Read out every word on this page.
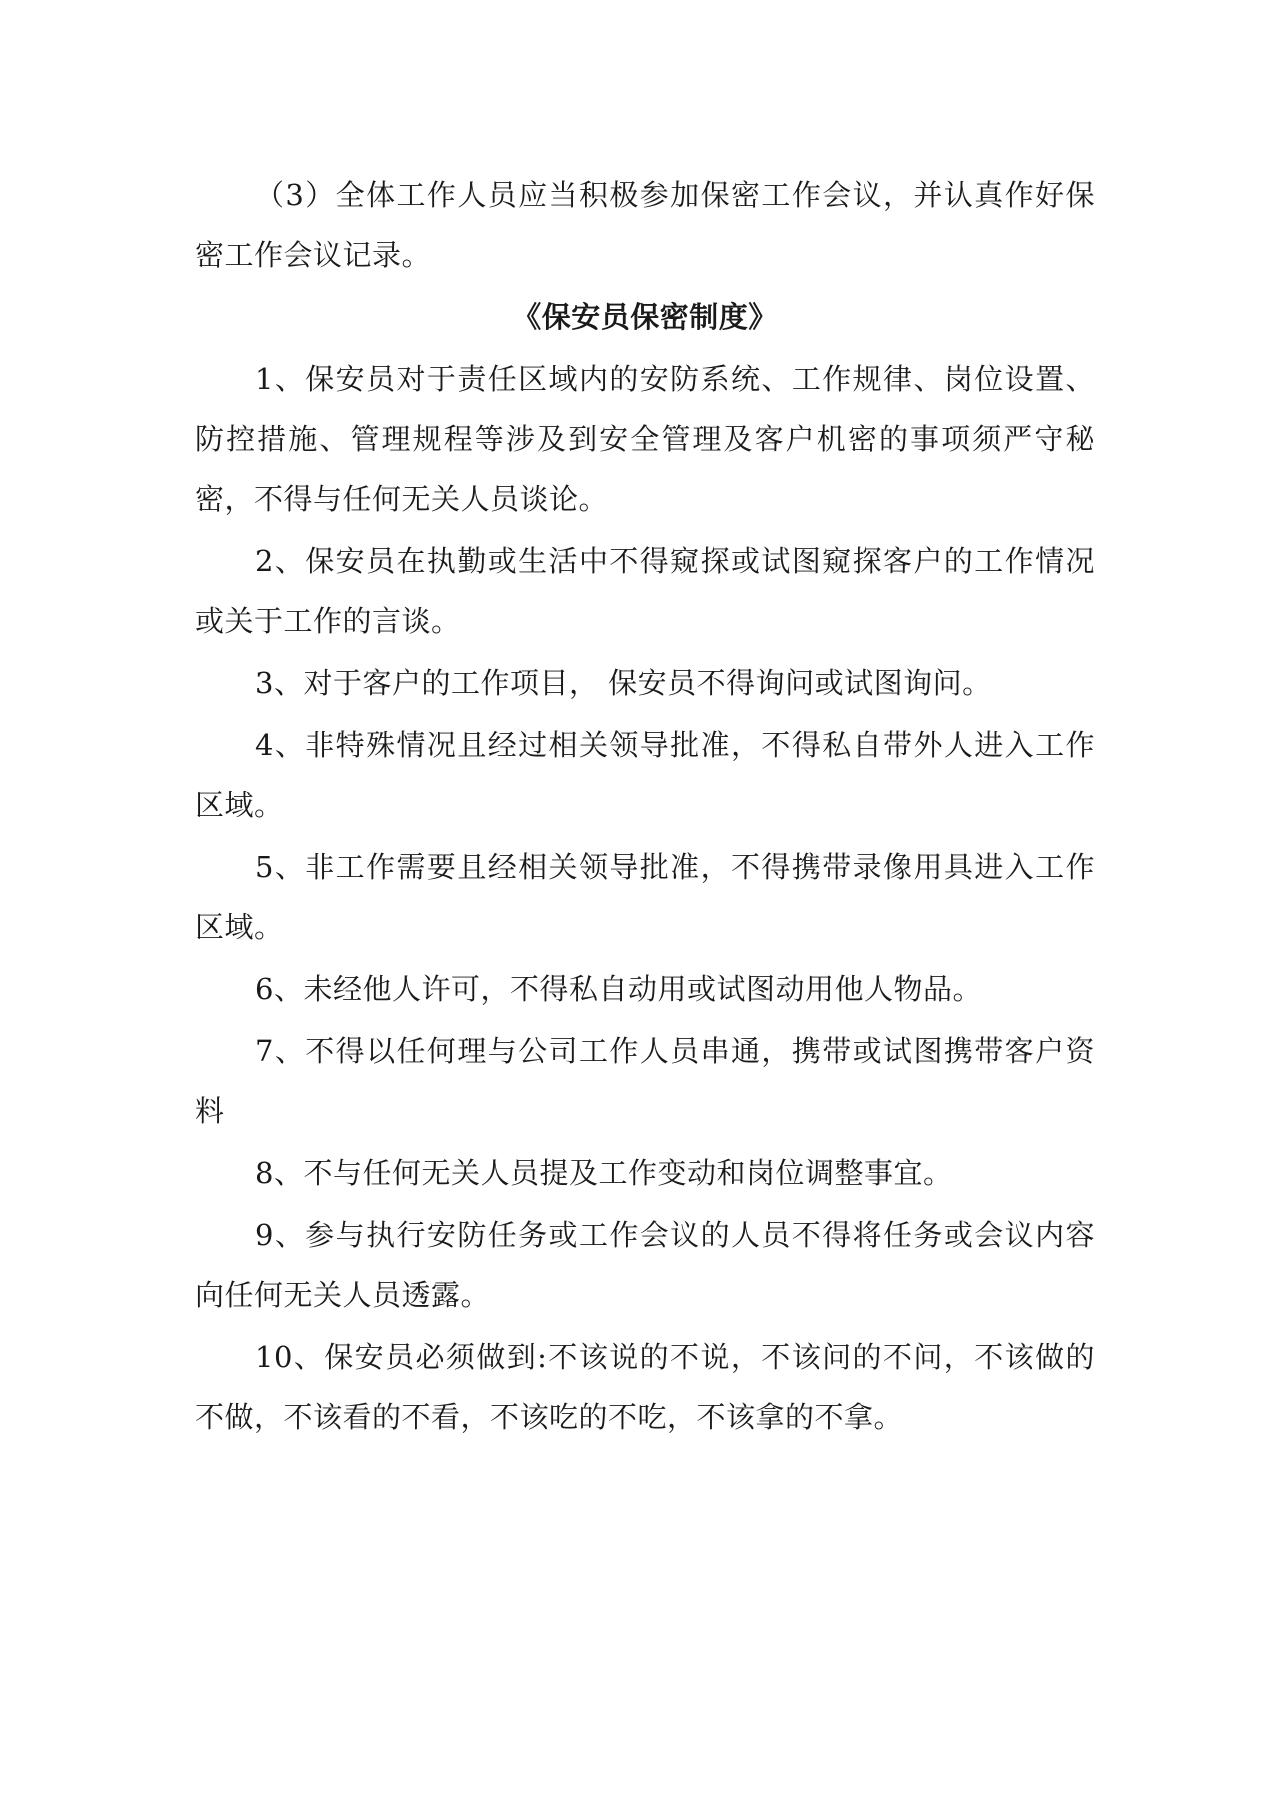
（3）全体工作人员应当积极参加保密工作会议，并认真作好保密工作会议记录。

《保安员保密制度》

1、保安员对于责任区域内的安防系统、工作规律、岗位设置、防控措施、管理规程等涉及到安全管理及客户机密的事项须严守秘密，不得与任何无关人员谈论。

2、保安员在执勤或生活中不得窥探或试图窥探客户的工作情况或关于工作的言谈。

3、对于客户的工作项目， 保安员不得询问或试图询问。

4、非特殊情况且经过相关领导批准，不得私自带外人进入工作区域。

5、非工作需要且经相关领导批准，不得携带录像用具进入工作区域。

6、未经他人许可，不得私自动用或试图动用他人物品。

7、不得以任何理与公司工作人员串通，携带或试图携带客户资料

8、不与任何无关人员提及工作变动和岗位调整事宜。

9、参与执行安防任务或工作会议的人员不得将任务或会议内容向任何无关人员透露。

10、保安员必须做到:不该说的不说，不该问的不问，不该做的不做，不该看的不看，不该吃的不吃，不该拿的不拿。
